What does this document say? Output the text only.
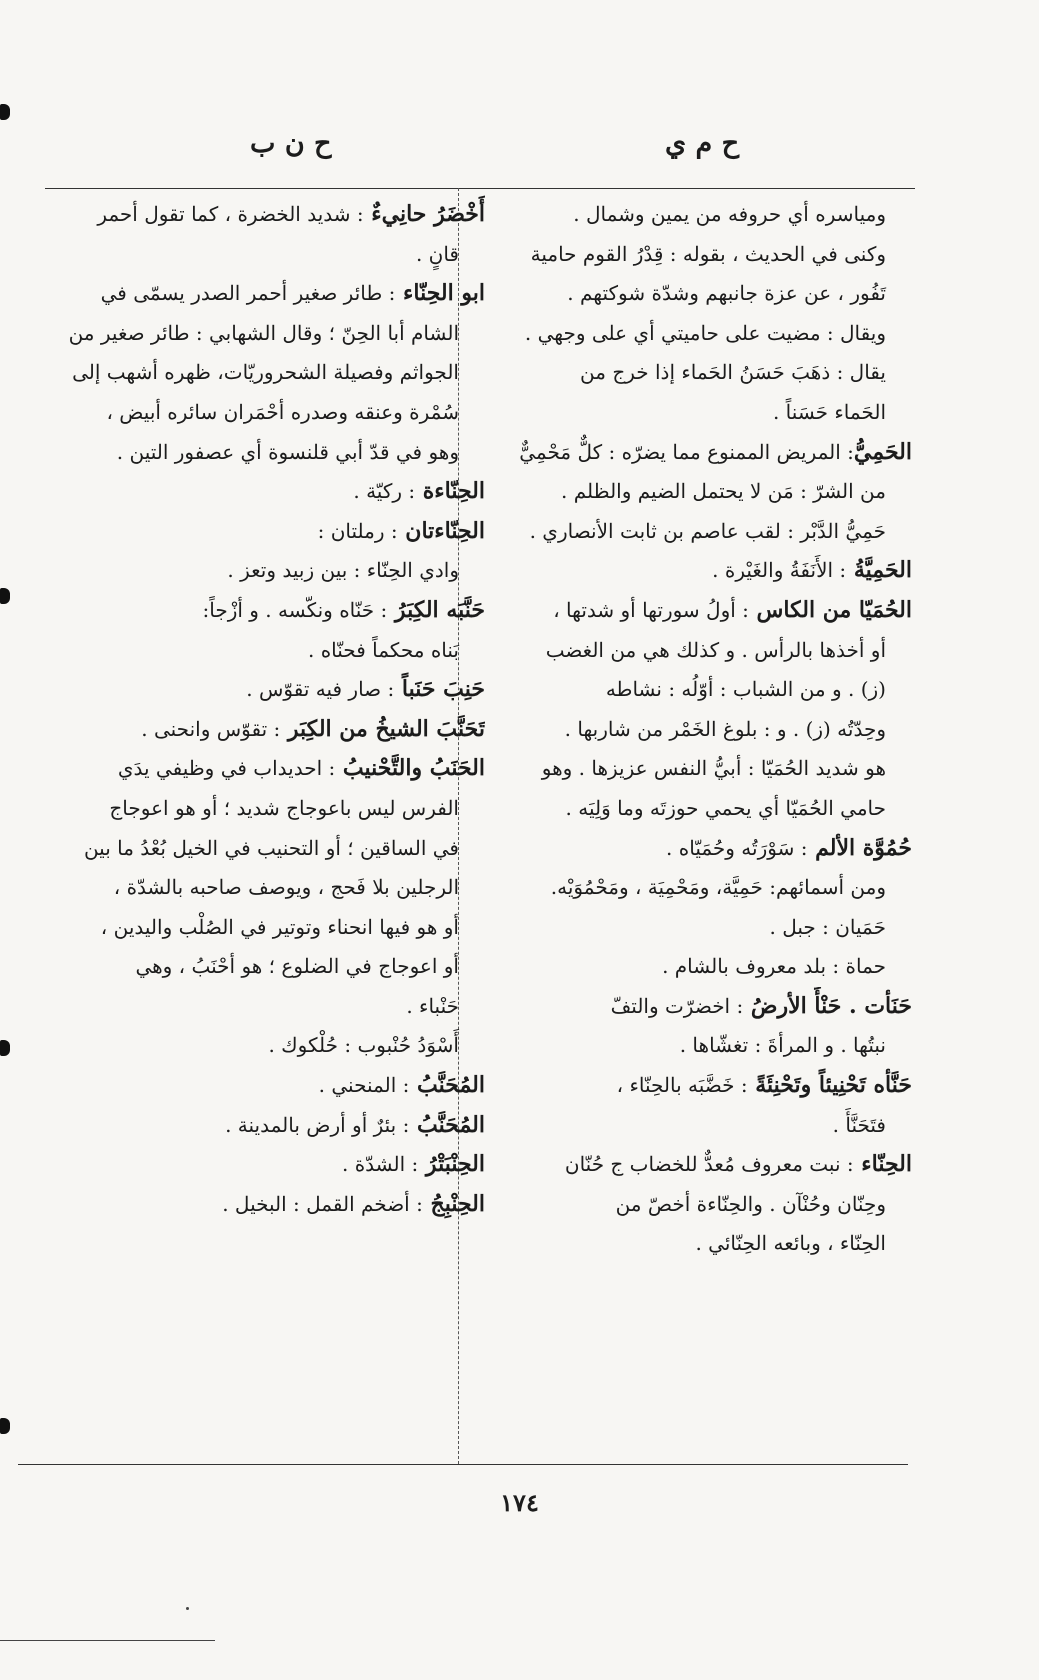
ح ن ب	ح م ي
ومياسره أي حروفه من يمين وشمال .
وكنى في الحديث ، بقوله : قِدْرُ القوم حامية
تَفُور ، عن عزة جانبهم وشدّة شوكتهم .
ويقال : مضيت على حاميتي أي على وجهي .
يقال : ذهَبَ حَسَنُ الحَماء إذا خرج من
الحَماء حَسَناً .
الحَمِيُّ: المريض الممنوع مما يضرّه : كلٌّ مَحْمِيٌّ
من الشرّ : مَن لا يحتمل الضيم والظلم .
حَمِيُّ الدَّبْر : لقب عاصم بن ثابت الأنصاري .
الحَمِيَّةُ : الأَنَفَةُ والغَيْرة .
الحُمَيّا من الكاس : أولُ سورتها أو شدتها ،
أو أخذها بالرأس . و كذلك هي من الغضب
(ز) . و من الشباب : أوّلُه : نشاطه
وحِدّتُه (ز) . و : بلوغ الخَمْر من شاربها .
هو شديد الحُمَيّا : أبيُّ النفس عزيزها . وهو
حامي الحُمَيّا أي يحمي حوزتَه وما وَلِيَه .
حُمُوَّة الألم : سَوْرَتُه وحُمَيّاه .
ومن أسمائهم: حَمِيَّة، ومَحْمِيَة ، ومَحْمُوَيْه.
حَمَيان : جبل .
حماة : بلد معروف بالشام .
حَنَأت . حَنْأً الأرضُ : اخضرّت والتفّ
نبتُها . و المرأةَ : تغشّاها .
حَنَّأه تَحْنِيئاً وتَحْنِئَةً : خَضَّبَه بالحِنّاء ،
فتَحَنَّأَ .
الحِنّاء : نبت معروف مُعدٌّ للخضاب ج حُنّان
وحِنّان وحُنْآن . والحِنّاءة أخصّ من
الحِنّاء ، وبائعه الحِنّائي .
أَخْضَرُ حانِيءٌ : شديد الخضرة ، كما تقول أحمر
قانٍ .
ابو الحِنّاء : طائر صغير أحمر الصدر يسمّى في
الشام أبا الحِنّ ؛ وقال الشهابي : طائر صغير من
الجواثم وفصيلة الشحروريّات، ظهره أشهب إلى
سُمْرة وعنقه وصدره أحْمَران سائره أبيض ،
وهو في قدّ أبي قلنسوة أي عصفور التين .
الحِنّاءة : ركيّة .
الحِنّاءتان : رملتان :
وادي الحِنّاء : بين زبيد وتعز .
حَنَّبَه الكِبَرُ : حَنّاه ونكّسه . و أزْجاً:
بَناه محكماً فحنّاه .
حَنِبَ حَنَباً : صار فيه تقوّس .
تَحَنَّبَ الشيخُ من الكِبَر : تقوّس وانحنى .
الحَنَبُ والتَّحْنيبُ : احديداب في وظيفي يدَي
الفرس ليس باعوجاج شديد ؛ أو هو اعوجاج
في الساقين ؛ أو التحنيب في الخيل بُعْدُ ما بين
الرجلين بلا فَحج ، ويوصف صاحبه بالشدّة ،
أو هو فيها انحناء وتوتير في الصُلْب واليدين ،
أو اعوجاج في الضلوع ؛ هو أحْنَبُ ، وهي
حَنْباء .
أَسْوَدُ حُنْبوب : حُلْكوك .
المُحَنَّبُ : المنحني .
المُحَنَّبُ : بئرٌ أو أرض بالمدينة .
الحِنْبَتْرُ : الشدّة .
الحِنْبِجُ : أضخم القمل : البخيل .
١٧٤
